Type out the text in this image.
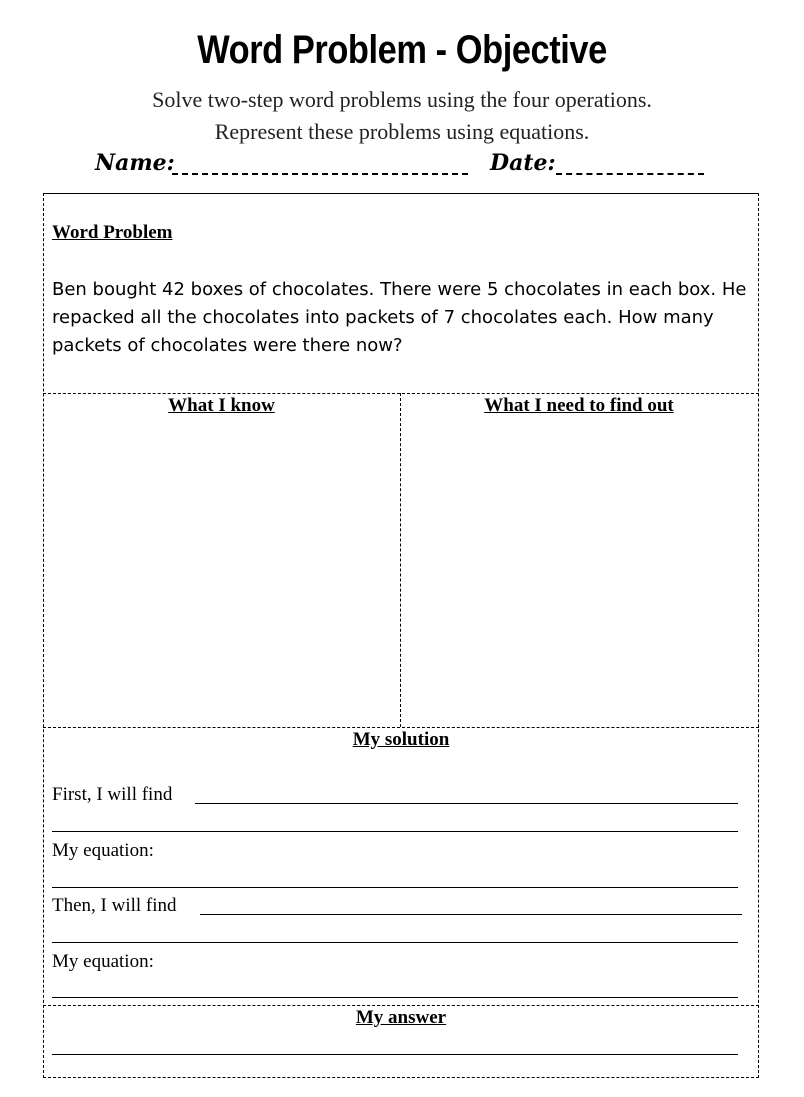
Word Problem - Objective
Solve two-step word problems using the four operations.
Represent these problems using equations.
Name:	Date:
Word Problem
Ben bought 42 boxes of chocolates. There were 5 chocolates in each box. He repacked all the chocolates into packets of 7 chocolates each. How many packets of chocolates were there now?
What I know	What I need to find out
My solution
First, I will find
My equation:
Then, I will find
My equation:
My answer
